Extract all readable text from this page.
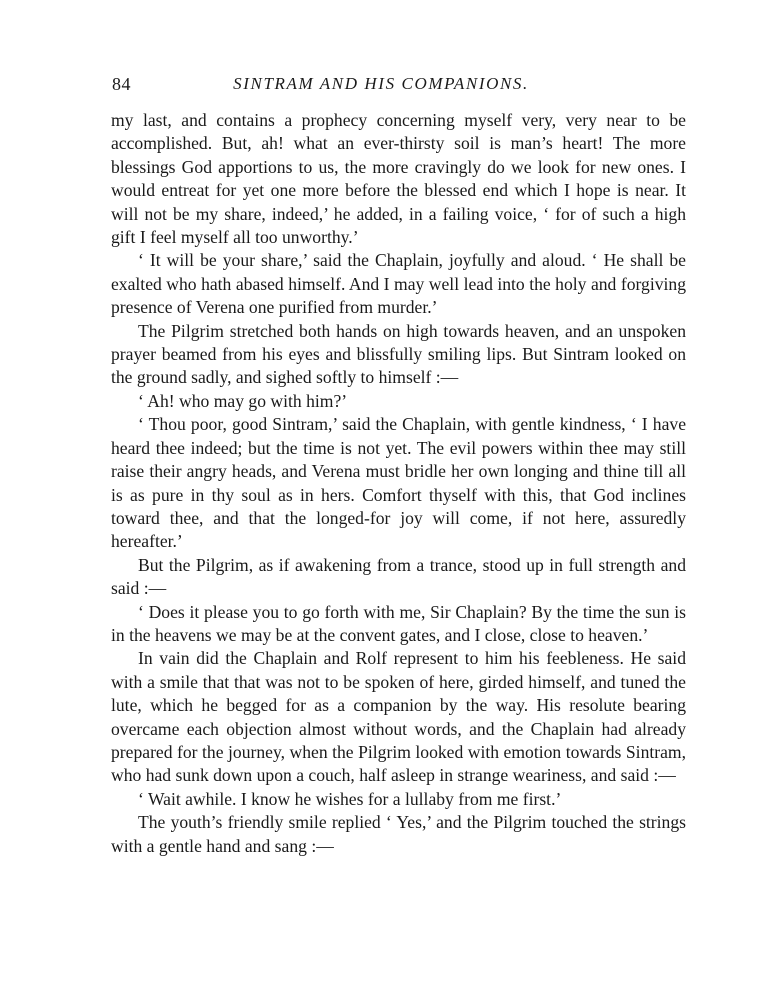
84	SINTRAM AND HIS COMPANIONS.

my last, and contains a prophecy concerning myself very, very near to be accomplished. But, ah! what an ever-thirsty soil is man’s heart! The more blessings God apportions to us, the more cravingly do we look for new ones. I would entreat for yet one more before the blessed end which I hope is near. It will not be my share, indeed,’ he added, in a failing voice, ‘ for of such a high gift I feel myself all too unworthy.’

‘ It will be your share,’ said the Chaplain, joyfully and aloud. ‘ He shall be exalted who hath abased himself. And I may well lead into the holy and forgiving presence of Verena one purified from murder.’

The Pilgrim stretched both hands on high towards heaven, and an unspoken prayer beamed from his eyes and blissfully smiling lips. But Sintram looked on the ground sadly, and sighed softly to himself :—

‘ Ah! who may go with him?’

‘ Thou poor, good Sintram,’ said the Chaplain, with gentle kindness, ‘ I have heard thee indeed; but the time is not yet. The evil powers within thee may still raise their angry heads, and Verena must bridle her own longing and thine till all is as pure in thy soul as in hers. Comfort thyself with this, that God inclines toward thee, and that the longed-for joy will come, if not here, assuredly hereafter.’

But the Pilgrim, as if awakening from a trance, stood up in full strength and said :—

‘ Does it please you to go forth with me, Sir Chaplain? By the time the sun is in the heavens we may be at the convent gates, and I close, close to heaven.’

In vain did the Chaplain and Rolf represent to him his feebleness. He said with a smile that that was not to be spoken of here, girded himself, and tuned the lute, which he begged for as a companion by the way. His resolute bearing overcame each objection almost without words, and the Chaplain had already prepared for the journey, when the Pilgrim looked with emotion towards Sintram, who had sunk down upon a couch, half asleep in strange weariness, and said :—

‘ Wait awhile. I know he wishes for a lullaby from me first.’

The youth’s friendly smile replied ‘ Yes,’ and the Pilgrim touched the strings with a gentle hand and sang :—
